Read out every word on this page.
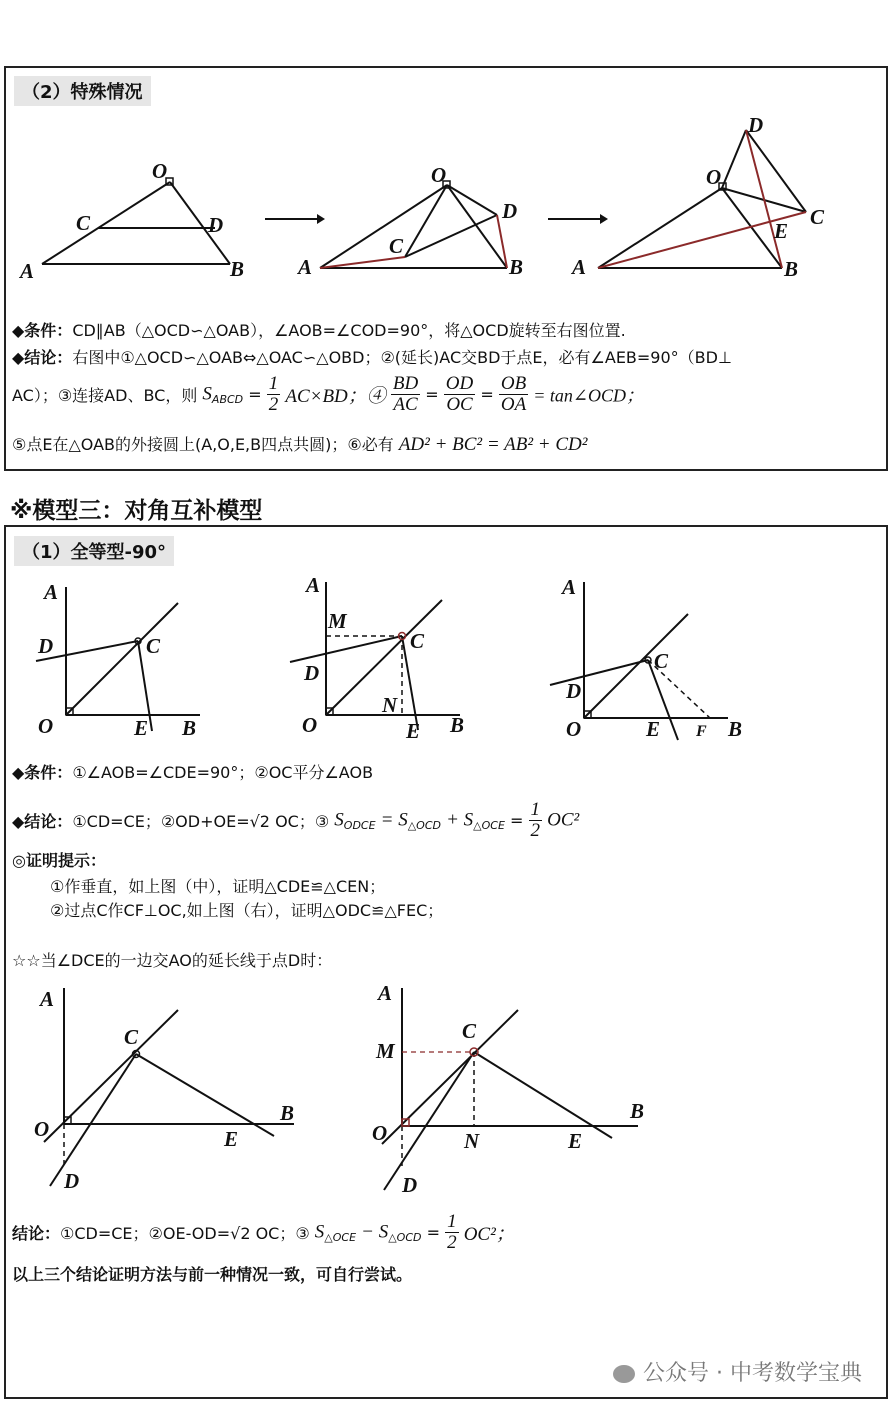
（2）特殊情况
O
C	D
A	B
O
C
D
A	B
D
O
C
E
A	B
◆条件：CD∥AB（△OCD∽△OAB），∠AOB=∠COD=90°，将△OCD旋转至右图位置.
◆结论：右图中①△OCD∽△OAB⇔△OAC∽△OBD；②(延长)AC交BD于点E，必有∠AEB=90°（BD⊥
AC）；③连接AD、BC，则 $S_{ABCD} = \frac{1}{2} AC\times BD$；④ $\frac{BD}{AC} = \frac{OD}{OC} = \frac{OB}{OA}$ = tan∠OCD；
⑤点E在△OAB的外接圆上(A,O,E,B四点共圆)；⑥必有 AD² + BC² = AB² + CD²
※模型三：对角互补模型
（1）全等型-90°
A
D	C
O	E B
A
M
C
D
O
N
E B
A
C
D
O	E F B
◆条件：①∠AOB=∠CDE=90°；②OC平分∠AOB
◆结论：①CD=CE；②OD+OE=√2 OC；③ $S_{ODCE} = S_{\triangle OCD} + S_{\triangle OCE} = \frac{1}{2} OC^2$
◎证明提示：
①作垂直，如上图（中），证明△CDE≌△CEN；
②过点C作CF⊥OC,如上图（右），证明△ODC≌△FEC；
☆☆当∠DCE的一边交AO的延长线于点D时：
A
C
O	E
B
D
A
M
C
O	N	E
B
D
结论：①CD=CE；②OE-OD=√2 OC；③ $S_{\triangle OCE} - S_{\triangle OCD} = \frac{1}{2} OC^2$；
以上三个结论证明方法与前一种情况一致，可自行尝试。
公众号 · 中考数学宝典
